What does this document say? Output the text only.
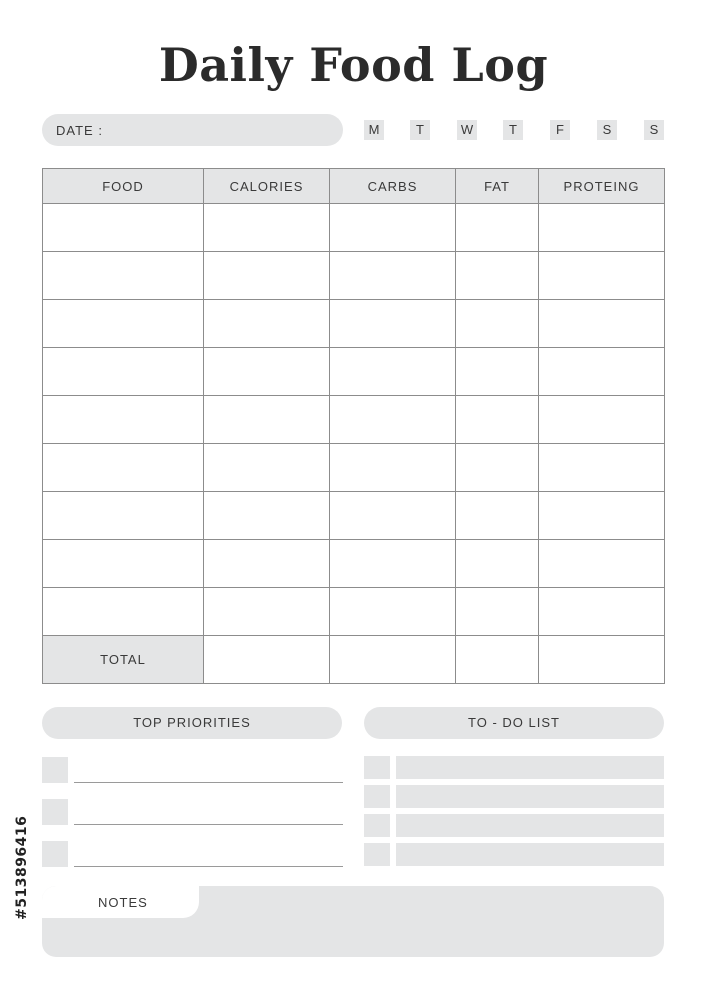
Daily Food Log
DATE :	M	T	W	T	F	S	S
FOOD	CALORIES	CARBS	FAT	PROTEING

TOTAL				
TOP PRIORITIES	TO - DO LIST
NOTES
#513896416
